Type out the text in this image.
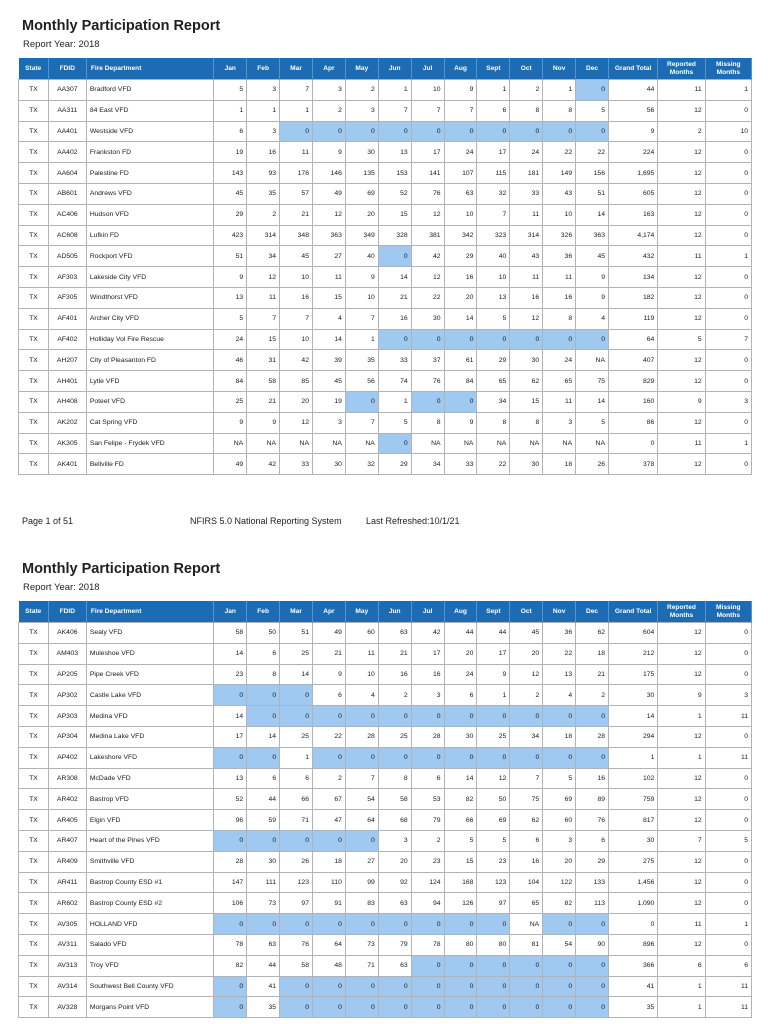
Monthly Participation Report
Report Year: 2018
State	FDID	Fire Department	Jan	Feb	Mar	Apr	May	Jun	Jul	Aug	Sept	Oct	Nov	Dec	Grand Total	Reported Months	Missing Months
TX	AA307	Bradford VFD	5	3	7	3	2	1	10	9	1	2	1	0	44	11	1
TX	AA311	84 East VFD	1	1	1	2	3	7	7	7	6	8	8	5	56	12	0
TX	AA401	Westside VFD	6	3	0	0	0	0	0	0	0	0	0	0	9	2	10
TX	AA402	Frankston FD	19	16	11	9	30	13	17	24	17	24	22	22	224	12	0
TX	AA604	Palestine FD	143	93	176	146	135	153	141	107	115	181	149	156	1,695	12	0
TX	AB601	Andrews VFD	45	35	57	49	69	52	76	63	32	33	43	51	605	12	0
TX	AC406	Hudson VFD	29	2	21	12	20	15	12	10	7	11	10	14	163	12	0
TX	AC608	Lufkin FD	423	314	348	363	349	328	381	342	323	314	326	363	4,174	12	0
TX	AD505	Rockport VFD	51	34	45	27	40	0	42	29	40	43	36	45	432	11	1
TX	AF303	Lakeside City VFD	9	12	10	11	9	14	12	16	10	11	11	9	134	12	0
TX	AF305	Windthorst VFD	13	11	16	15	10	21	22	20	13	16	16	9	182	12	0
TX	AF401	Archer City VFD	5	7	7	4	7	16	30	14	5	12	8	4	119	12	0
TX	AF402	Holliday Vol Fire Rescue	24	15	10	14	1	0	0	0	0	0	0	0	64	5	7
TX	AH207	City of Pleasanton FD	46	31	42	39	35	33	37	61	29	30	24	NA	407	12	0
TX	AH401	Lytle VFD	84	58	85	45	56	74	76	84	65	62	65	75	829	12	0
TX	AH408	Poteet VFD	25	21	20	19	0	1	0	0	34	15	11	14	160	9	3
TX	AK202	Cat Spring VFD	9	9	12	3	7	5	8	9	8	8	3	5	86	12	0
TX	AK305	San Felipe - Frydek VFD	NA	NA	NA	NA	NA	0	NA	NA	NA	NA	NA	NA	0	11	1
TX	AK401	Bellville FD	49	42	33	30	32	29	34	33	22	30	18	26	378	12	0
Page 1 of 51	NFIRS 5.0 National Reporting System	Last Refreshed:10/1/21
Monthly Participation Report
Report Year: 2018
State	FDID	Fire Department	Jan	Feb	Mar	Apr	May	Jun	Jul	Aug	Sept	Oct	Nov	Dec	Grand Total	Reported Months	Missing Months
TX	AK406	Sealy VFD	58	50	51	49	60	63	42	44	44	45	36	62	604	12	0
TX	AM403	Muleshoe VFD	14	6	25	21	11	21	17	20	17	20	22	18	212	12	0
TX	AP205	Pipe Creek VFD	23	8	14	9	10	16	16	24	9	12	13	21	175	12	0
TX	AP302	Castle Lake VFD	0	0	0	6	4	2	3	6	1	2	4	2	30	9	3
TX	AP303	Medina VFD	14	0	0	0	0	0	0	0	0	0	0	0	14	1	11
TX	AP304	Medina Lake VFD	17	14	25	22	28	25	28	30	25	34	18	28	294	12	0
TX	AP402	Lakeshore VFD	0	0	1	0	0	0	0	0	0	0	0	0	1	1	11
TX	AR308	McDade VFD	13	6	6	2	7	8	6	14	12	7	5	16	102	12	0
TX	AR402	Bastrop VFD	52	44	66	67	54	58	53	82	50	75	69	89	759	12	0
TX	AR405	Elgin VFD	96	59	71	47	64	68	79	66	69	62	60	76	817	12	0
TX	AR407	Heart of the Pines VFD	0	0	0	0	0	3	2	5	5	6	3	6	30	7	5
TX	AR409	Smithville VFD	28	30	26	18	27	20	23	15	23	16	20	29	275	12	0
TX	AR411	Bastrop County ESD #1	147	111	123	110	99	92	124	168	123	104	122	133	1,456	12	0
TX	AR602	Bastrop County ESD #2	106	73	97	91	83	63	94	126	97	65	82	113	1,090	12	0
TX	AV305	HOLLAND VFD	0	0	0	0	0	0	0	0	0	NA	0	0	0	11	1
TX	AV311	Salado VFD	78	63	76	64	73	79	78	80	80	81	54	90	896	12	0
TX	AV313	Troy VFD	82	44	58	48	71	63	0	0	0	0	0	0	366	6	6
TX	AV314	Southwest Bell County VFD	0	41	0	0	0	0	0	0	0	0	0	0	41	1	11
TX	AV328	Morgans Point VFD	0	35	0	0	0	0	0	0	0	0	0	0	35	1	11
